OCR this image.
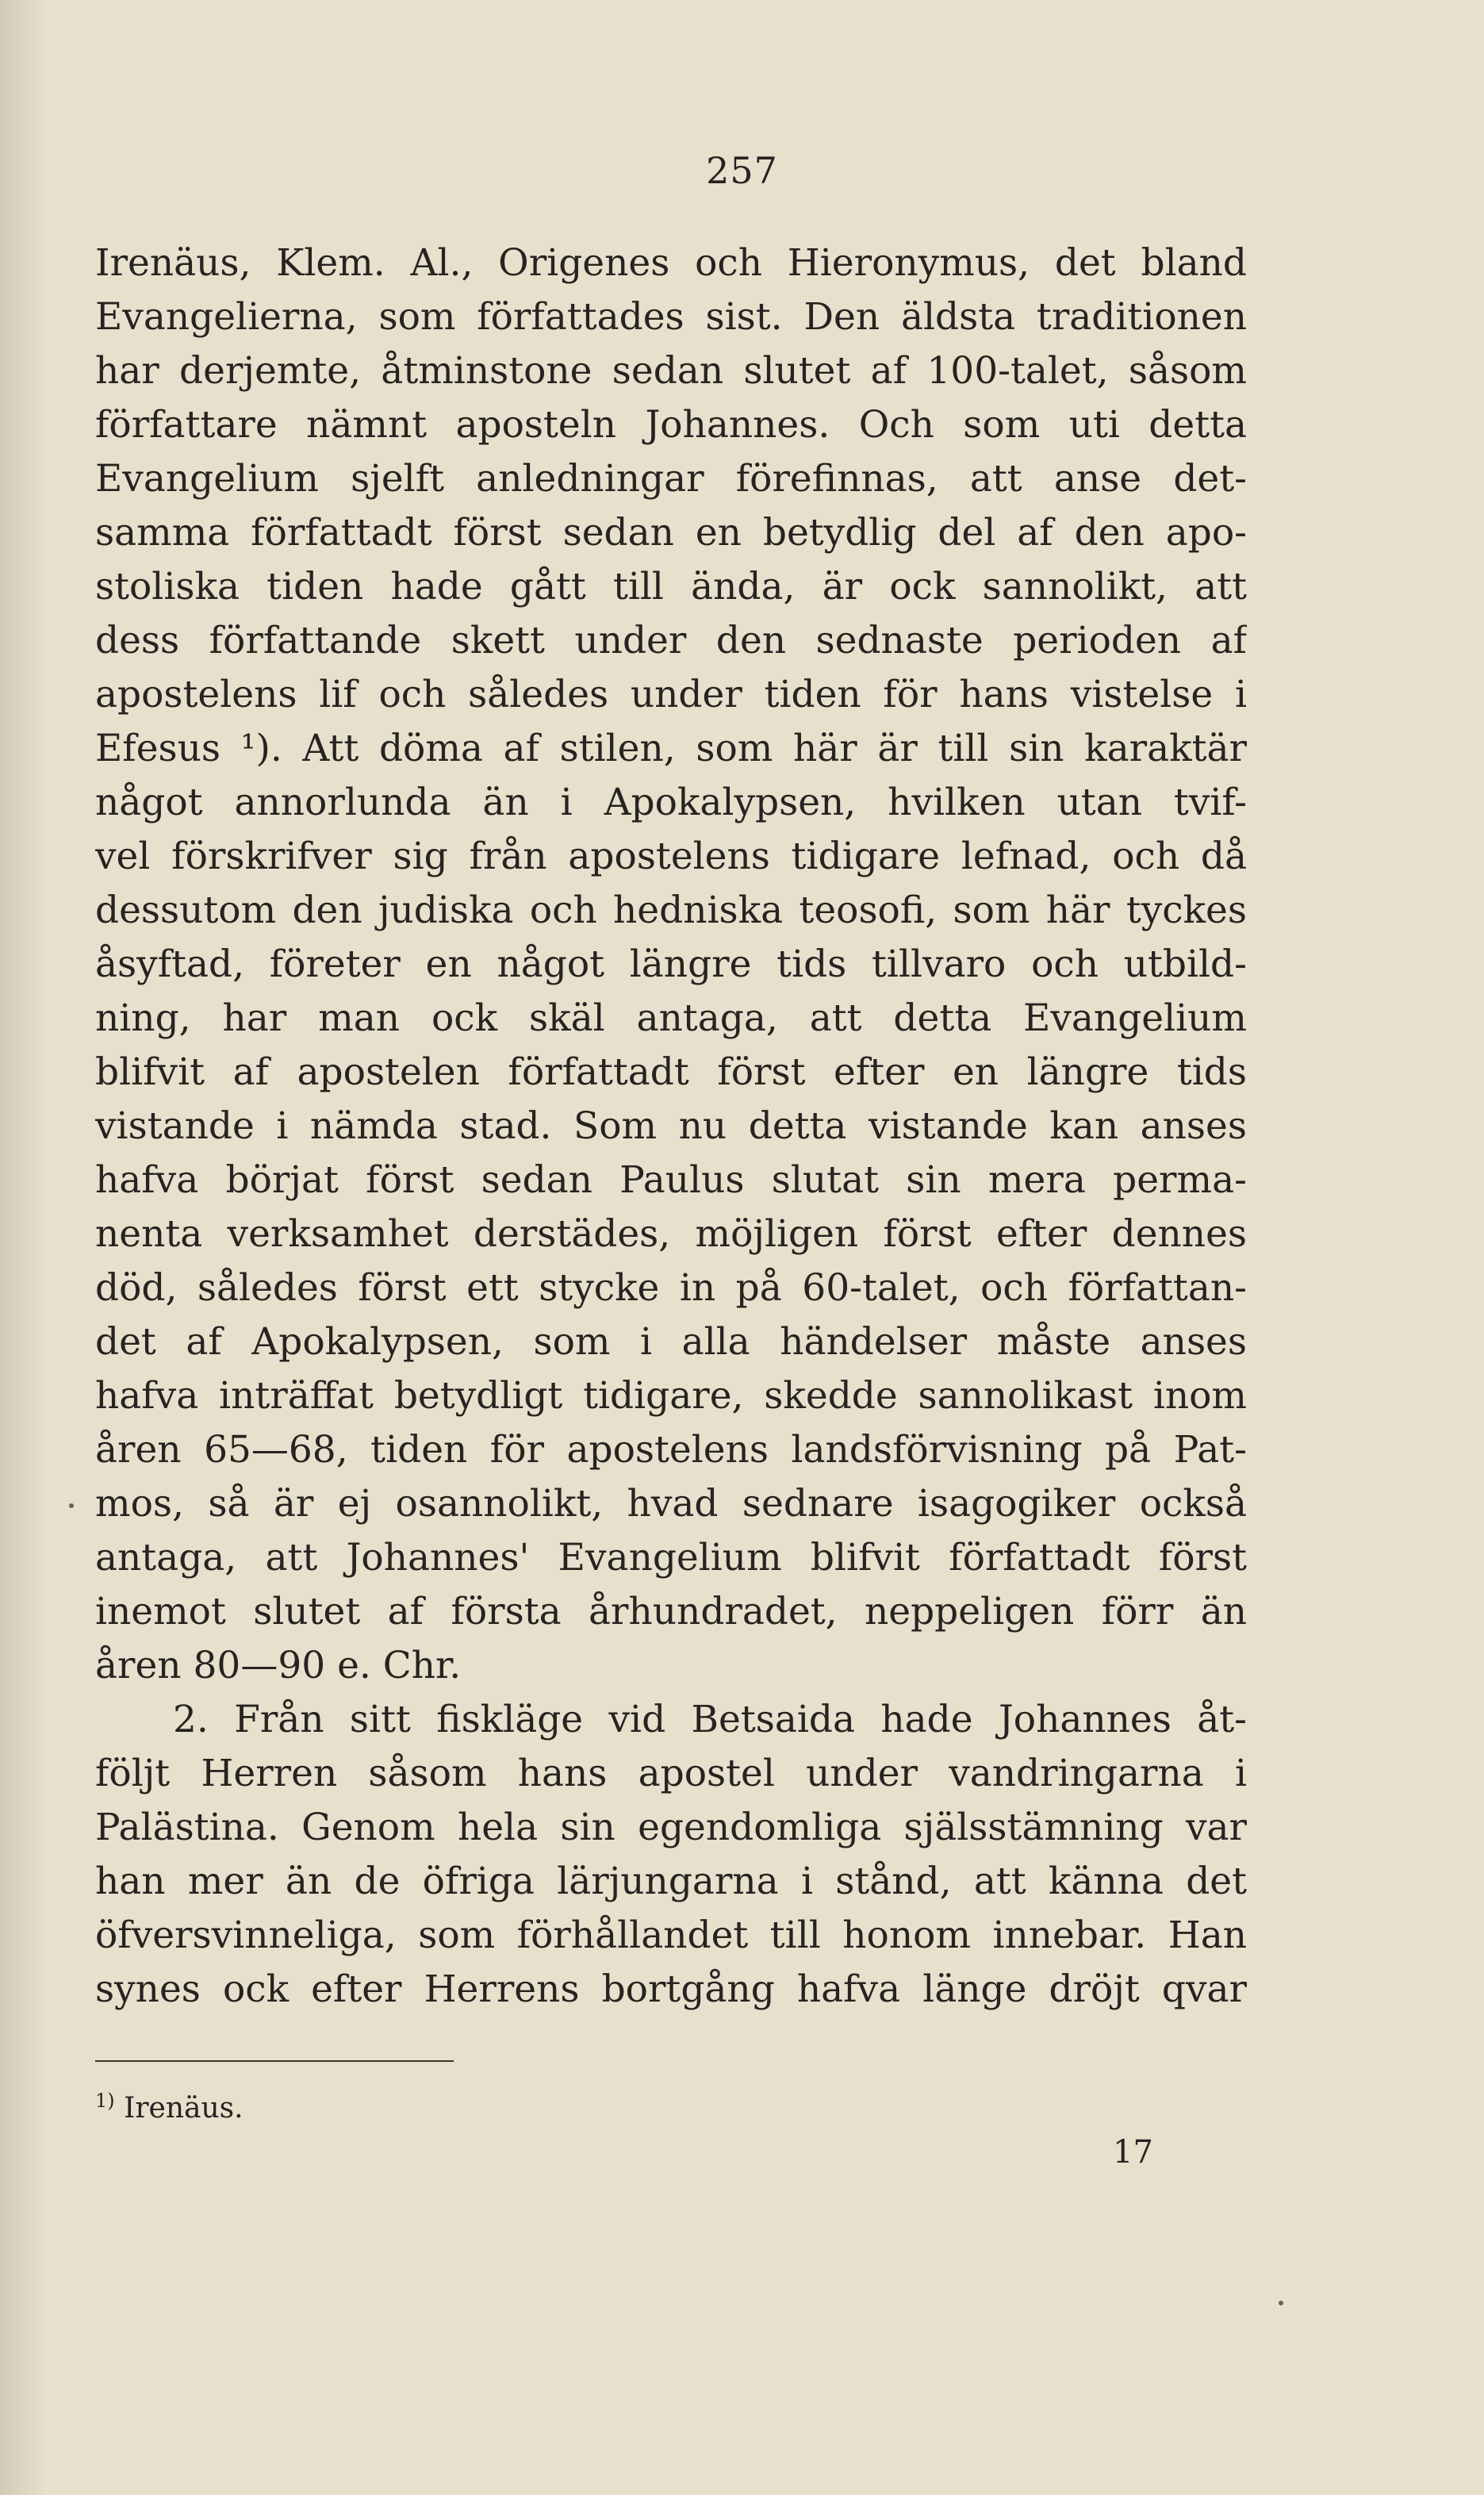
257
Irenäus, Klem. Al., Origenes och Hieronymus, det bland
Evangelierna, som författades sist. Den äldsta traditionen
har derjemte, åtminstone sedan slutet af 100-talet, såsom
författare nämnt aposteln Johannes. Och som uti detta
Evangelium sjelft anledningar förefinnas, att anse det-
samma författadt först sedan en betydlig del af den apo-
stoliska tiden hade gått till ända, är ock sannolikt, att
dess författande skett under den sednaste perioden af
apostelens lif och således under tiden för hans vistelse i
Efesus ¹). Att döma af stilen, som här är till sin karaktär
något annorlunda än i Apokalypsen, hvilken utan tvif-
vel förskrifver sig från apostelens tidigare lefnad, och då
dessutom den judiska och hedniska teosofi, som här tyckes
åsyftad, företer en något längre tids tillvaro och utbild-
ning, har man ock skäl antaga, att detta Evangelium
blifvit af apostelen författadt först efter en längre tids
vistande i nämda stad. Som nu detta vistande kan anses
hafva börjat först sedan Paulus slutat sin mera perma-
nenta verksamhet derstädes, möjligen först efter dennes
död, således först ett stycke in på 60-talet, och författan-
det af Apokalypsen, som i alla händelser måste anses
hafva inträffat betydligt tidigare, skedde sannolikast inom
åren 65—68, tiden för apostelens landsförvisning på Pat-
mos, så är ej osannolikt, hvad sednare isagogiker också
antaga, att Johannes' Evangelium blifvit författadt först
inemot slutet af första århundradet, neppeligen förr än
åren 80—90 e. Chr.
2. Från sitt fiskläge vid Betsaida hade Johannes åt-
följt Herren såsom hans apostel under vandringarna i
Palästina. Genom hela sin egendomliga själsstämning var
han mer än de öfriga lärjungarna i stånd, att känna det
öfversvinneliga, som förhållandet till honom innebar. Han
synes ock efter Herrens bortgång hafva länge dröjt qvar
$^{1)}$ Irenäus.
17
